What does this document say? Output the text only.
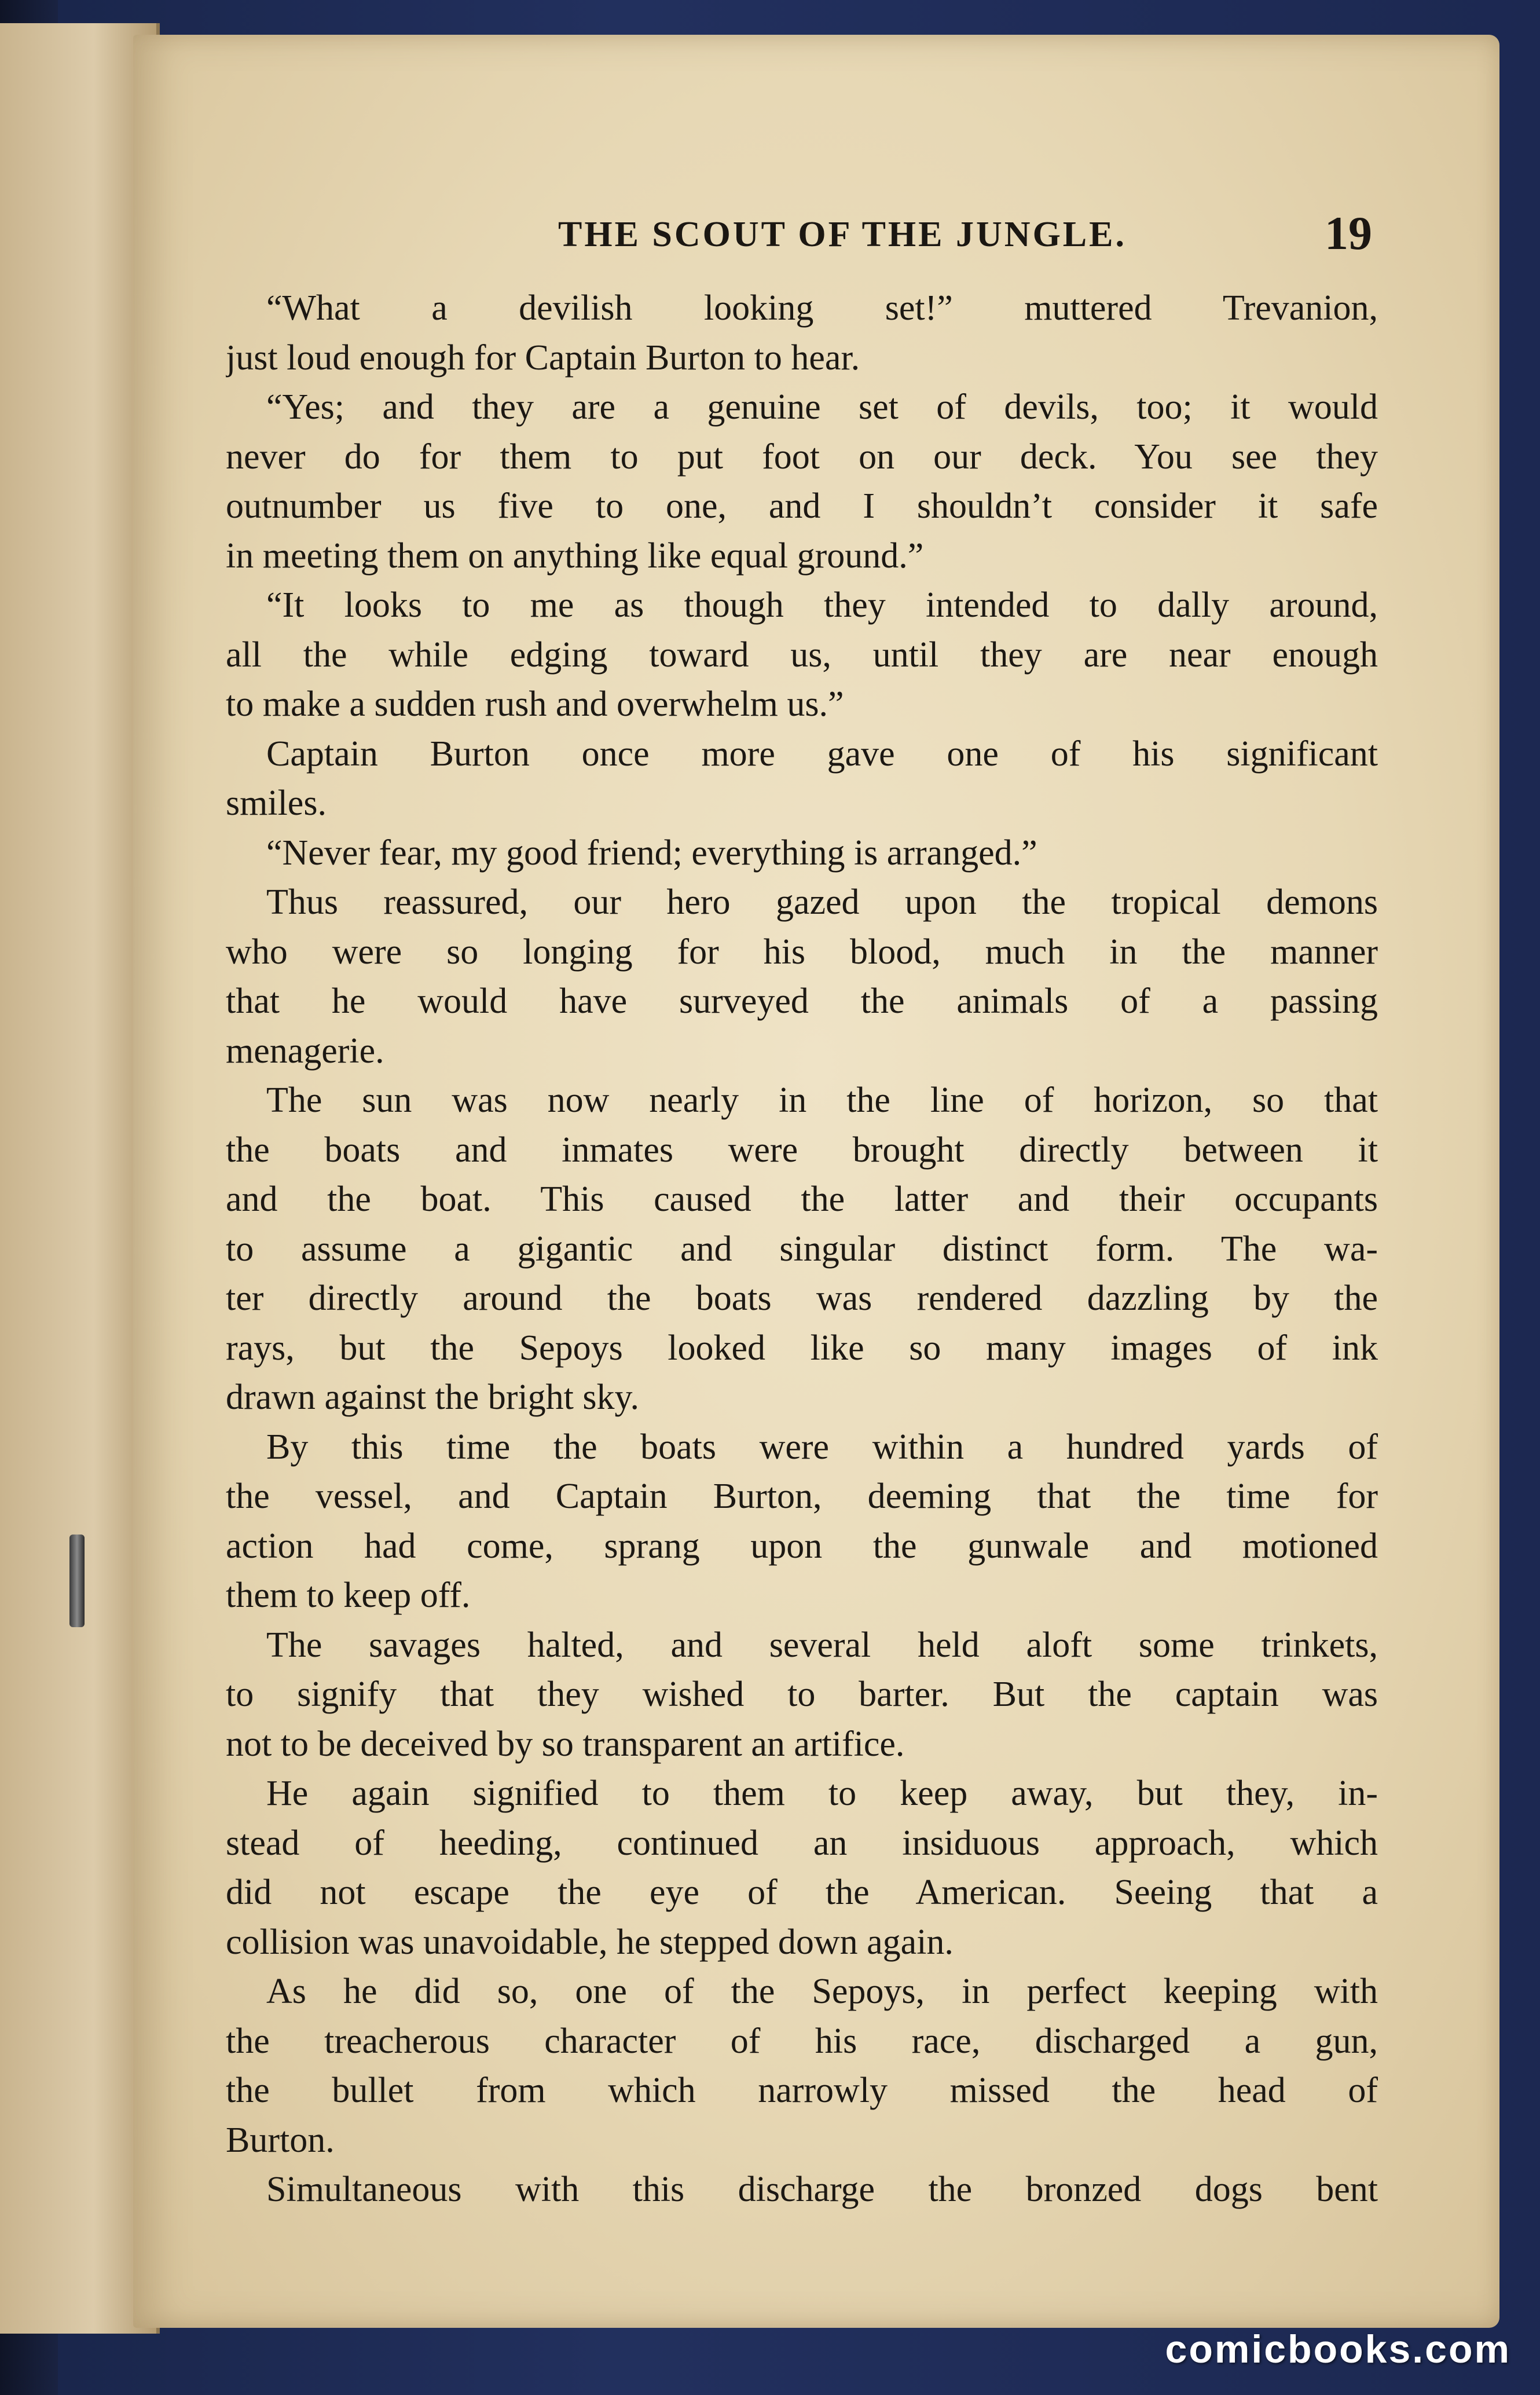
THE SCOUT OF THE JUNGLE.	19
“What a devilish looking set!” muttered Trevanion,
just loud enough for Captain Burton to hear.
“Yes; and they are a genuine set of devils, too; it would
never do for them to put foot on our deck. You see they
outnumber us five to one, and I shouldn’t consider it safe
in meeting them on anything like equal ground.”
“It looks to me as though they intended to dally around,
all the while edging toward us, until they are near enough
to make a sudden rush and overwhelm us.”
Captain Burton once more gave one of his significant
smiles.
“Never fear, my good friend; everything is arranged.”
Thus reassured, our hero gazed upon the tropical demons
who were so longing for his blood, much in the manner
that he would have surveyed the animals of a passing
menagerie.
The sun was now nearly in the line of horizon, so that
the boats and inmates were brought directly between it
and the boat. This caused the latter and their occupants
to assume a gigantic and singular distinct form. The wa-
ter directly around the boats was rendered dazzling by the
rays, but the Sepoys looked like so many images of ink
drawn against the bright sky.
By this time the boats were within a hundred yards of
the vessel, and Captain Burton, deeming that the time for
action had come, sprang upon the gunwale and motioned
them to keep off.
The savages halted, and several held aloft some trinkets,
to signify that they wished to barter. But the captain was
not to be deceived by so transparent an artifice.
He again signified to them to keep away, but they, in-
stead of heeding, continued an insiduous approach, which
did not escape the eye of the American. Seeing that a
collision was unavoidable, he stepped down again.
As he did so, one of the Sepoys, in perfect keeping with
the treacherous character of his race, discharged a gun,
the bullet from which narrowly missed the head of
Burton.
Simultaneous with this discharge the bronzed dogs bent
comicbooks.com
